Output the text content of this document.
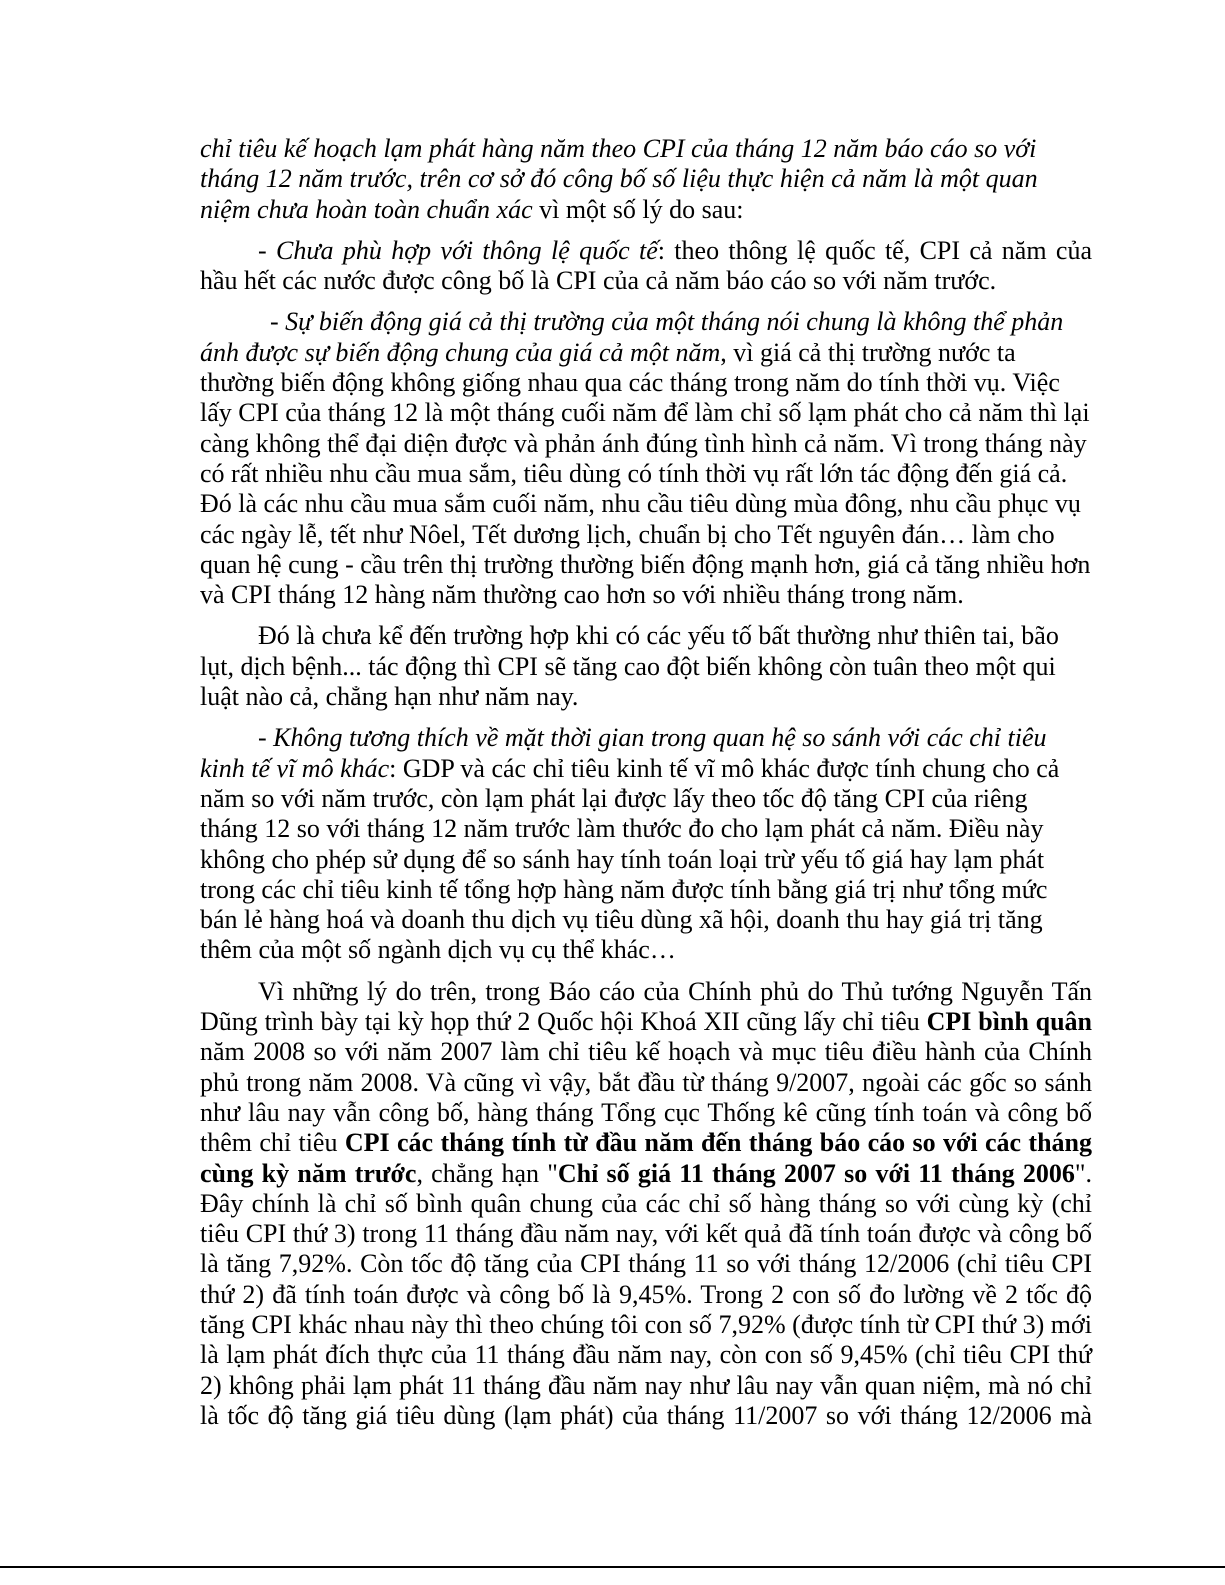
chỉ tiêu kế hoạch lạm phát hàng năm theo CPI của tháng 12 năm báo cáo so với
tháng 12 năm trước, trên cơ sở đó công bố số liệu thực hiện cả năm là một quan
niệm chưa hoàn toàn chuẩn xác vì một số lý do sau:
- Chưa phù hợp với thông lệ quốc tế: theo thông lệ quốc tế, CPI cả năm của
hầu hết các nước được công bố là CPI của cả năm báo cáo so với năm trước.
- Sự biến động giá cả thị trường của một tháng nói chung là không thể phản
ánh được sự biến động chung của giá cả một năm, vì giá cả thị trường nước ta
thường biến động không giống nhau qua các tháng trong năm do tính thời vụ. Việc
lấy CPI của tháng 12 là một tháng cuối năm để làm chỉ số lạm phát cho cả năm thì lại
càng không thể đại diện được và phản ánh đúng tình hình cả năm. Vì trong tháng này
có rất nhiều nhu cầu mua sắm, tiêu dùng có tính thời vụ rất lớn tác động đến giá cả.
Đó là các nhu cầu mua sắm cuối năm, nhu cầu tiêu dùng mùa đông, nhu cầu phục vụ
các ngày lễ, tết như Nôel, Tết dương lịch, chuẩn bị cho Tết nguyên đán… làm cho
quan hệ cung - cầu trên thị trường thường biến động mạnh hơn, giá cả tăng nhiều hơn
và CPI tháng 12 hàng năm thường cao hơn so với nhiều tháng trong năm.
Đó là chưa kể đến trường hợp khi có các yếu tố bất thường như thiên tai, bão
lụt, dịch bệnh... tác động thì CPI sẽ tăng cao đột biến không còn tuân theo một qui
luật nào cả, chẳng hạn như năm nay.
- Không tương thích về mặt thời gian trong quan hệ so sánh với các chỉ tiêu
kinh tế vĩ mô khác: GDP và các chỉ tiêu kinh tế vĩ mô khác được tính chung cho cả
năm so với năm trước, còn lạm phát lại được lấy theo tốc độ tăng CPI của riêng
tháng 12 so với tháng 12 năm trước làm thước đo cho lạm phát cả năm. Điều này
không cho phép sử dụng để so sánh hay tính toán loại trừ yếu tố giá hay lạm phát
trong các chỉ tiêu kinh tế tổng hợp hàng năm được tính bằng giá trị như tổng mức
bán lẻ hàng hoá và doanh thu dịch vụ tiêu dùng xã hội, doanh thu hay giá trị tăng
thêm của một số ngành dịch vụ cụ thể khác…
Vì những lý do trên, trong Báo cáo của Chính phủ do Thủ tướng Nguyễn Tấn
Dũng trình bày tại kỳ họp thứ 2 Quốc hội Khoá XII cũng lấy chỉ tiêu CPI bình quân
năm 2008 so với năm 2007 làm chỉ tiêu kế hoạch và mục tiêu điều hành của Chính
phủ trong năm 2008. Và cũng vì vậy, bắt đầu từ tháng 9/2007, ngoài các gốc so sánh
như lâu nay vẫn công bố, hàng tháng Tổng cục Thống kê cũng tính toán và công bố
thêm chỉ tiêu CPI các tháng tính từ đầu năm đến tháng báo cáo so với các tháng
cùng kỳ năm trước, chẳng hạn "Chỉ số giá 11 tháng 2007 so với 11 tháng 2006".
Đây chính là chỉ số bình quân chung của các chỉ số hàng tháng so với cùng kỳ (chỉ
tiêu CPI thứ 3) trong 11 tháng đầu năm nay, với kết quả đã tính toán được và công bố
là tăng 7,92%. Còn tốc độ tăng của CPI tháng 11 so với tháng 12/2006 (chỉ tiêu CPI
thứ 2) đã tính toán được và công bố là 9,45%. Trong 2 con số đo lường về 2 tốc độ
tăng CPI khác nhau này thì theo chúng tôi con số 7,92% (được tính từ CPI thứ 3) mới
là lạm phát đích thực của 11 tháng đầu năm nay, còn con số 9,45% (chỉ tiêu CPI thứ
2) không phải lạm phát 11 tháng đầu năm nay như lâu nay vẫn quan niệm, mà nó chỉ
là tốc độ tăng giá tiêu dùng (lạm phát) của tháng 11/2007 so với tháng 12/2006 mà
